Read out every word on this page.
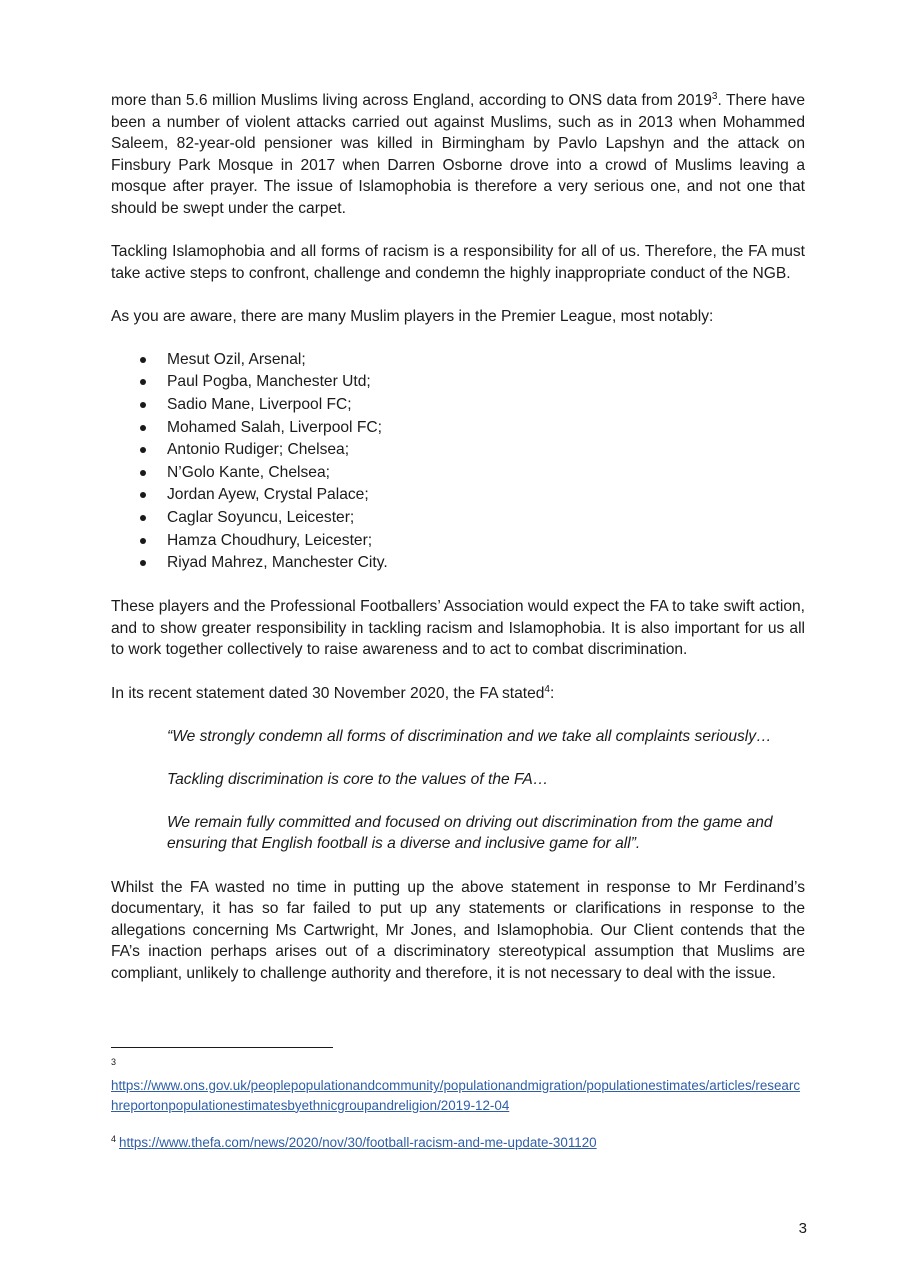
more than 5.6 million Muslims living across England, according to ONS data from 2019$^3$. There have been a number of violent attacks carried out against Muslims, such as in 2013 when Mohammed Saleem, 82-year-old pensioner was killed in Birmingham by Pavlo Lapshyn and the attack on Finsbury Park Mosque in 2017 when Darren Osborne drove into a crowd of Muslims leaving a mosque after prayer. The issue of Islamophobia is therefore a very serious one, and not one that should be swept under the carpet.

Tackling Islamophobia and all forms of racism is a responsibility for all of us. Therefore, the FA must take active steps to confront, challenge and condemn the highly inappropriate conduct of the NGB.

As you are aware, there are many Muslim players in the Premier League, most notably:

Mesut Ozil, Arsenal;
Paul Pogba, Manchester Utd;
Sadio Mane, Liverpool FC;
Mohamed Salah, Liverpool FC;
Antonio Rudiger; Chelsea;
N’Golo Kante, Chelsea;
Jordan Ayew, Crystal Palace;
Caglar Soyuncu, Leicester;
Hamza Choudhury, Leicester;
Riyad Mahrez, Manchester City.

These players and the Professional Footballers’ Association would expect the FA to take swift action, and to show greater responsibility in tackling racism and Islamophobia. It is also important for us all to work together collectively to raise awareness and to act to combat discrimination.

In its recent statement dated 30 November 2020, the FA stated$^4$:

“We strongly condemn all forms of discrimination and we take all complaints seriously…

Tackling discrimination is core to the values of the FA…

We remain fully committed and focused on driving out discrimination from the game and ensuring that English football is a diverse and inclusive game for all”.

Whilst the FA wasted no time in putting up the above statement in response to Mr Ferdinand’s documentary, it has so far failed to put up any statements or clarifications in response to the allegations concerning Ms Cartwright, Mr Jones, and Islamophobia. Our Client contends that the FA’s inaction perhaps arises out of a discriminatory stereotypical assumption that Muslims are compliant, unlikely to challenge authority and therefore, it is not necessary to deal with the issue.

3
https://www.ons.gov.uk/peoplepopulationandcommunity/populationandmigration/populationestimates/articles/researchreportonpopulationestimatesbyethnicgroupandreligion/2019-12-04
$^4$ https://www.thefa.com/news/2020/nov/30/football-racism-and-me-update-301120
3
